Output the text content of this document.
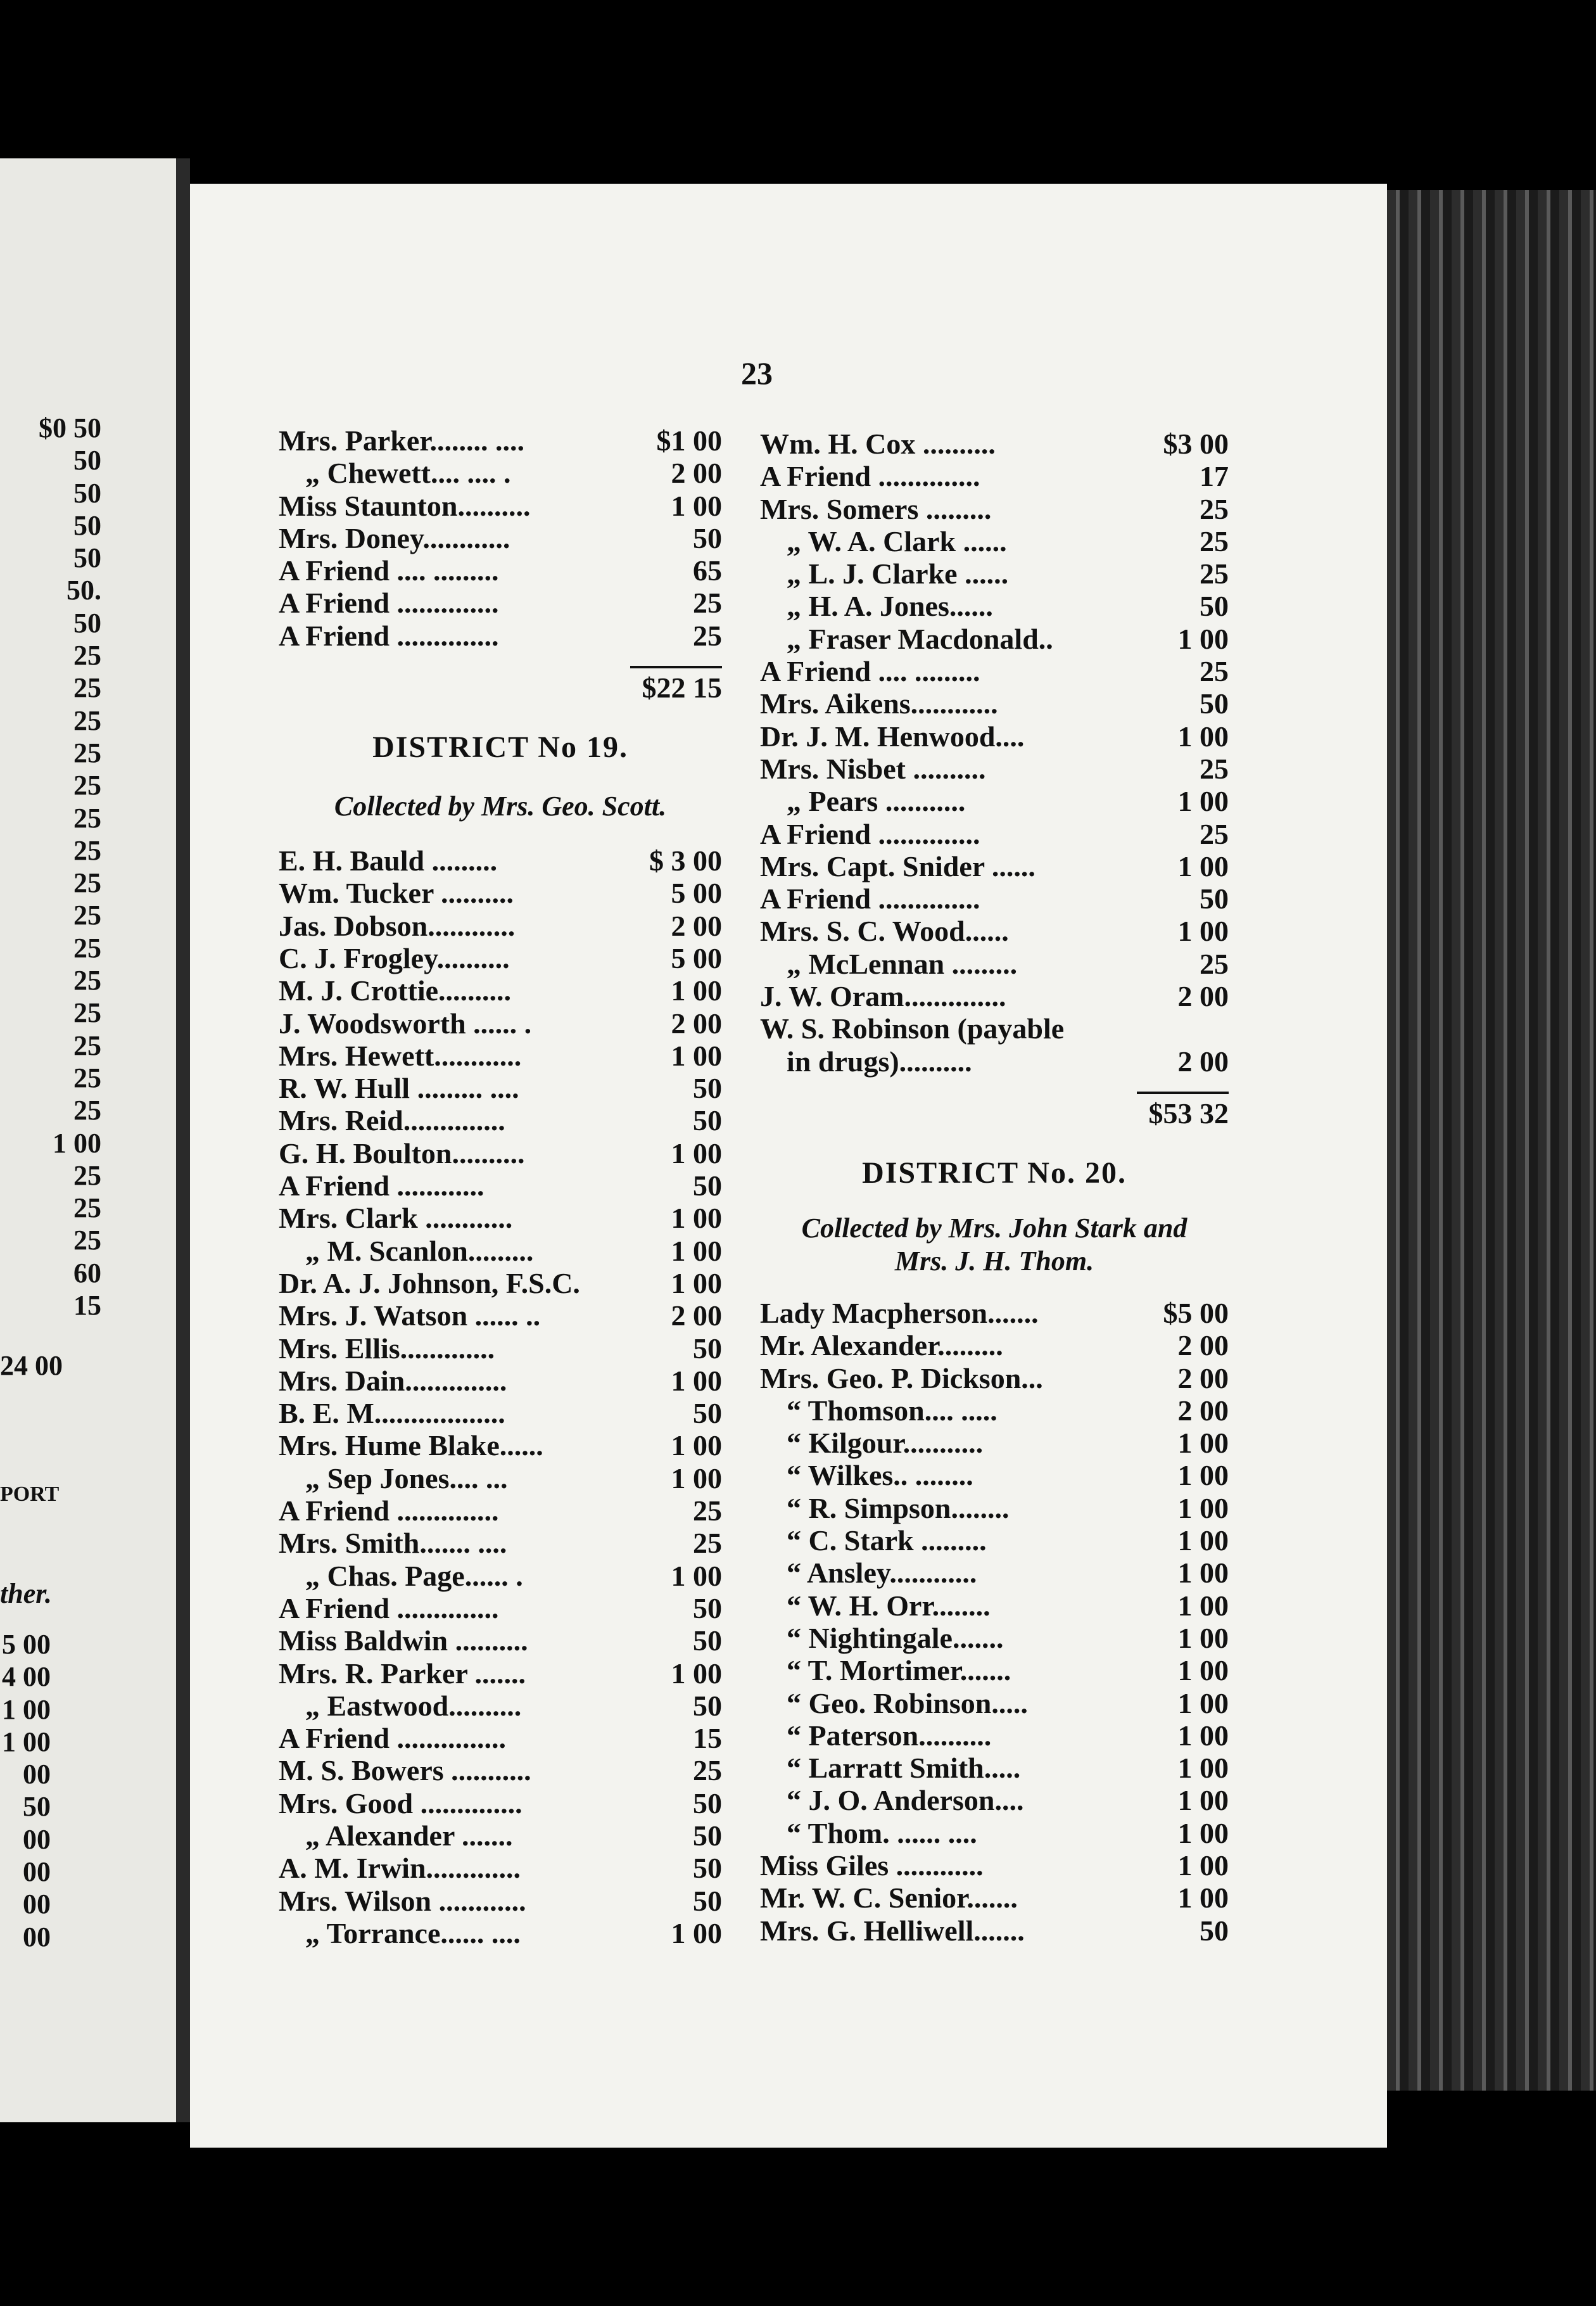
$0 50
50
50
50
50
50.
50
25
25
25
25
25
25
25
25
25
25
25
25
25
25
25
1 00
25
25
25
60
15
24 00
PORT
ther.
5 00
4 00
1 00
1 00
00
50
00
00
00
00
23
Mrs. Parker........ ....	$1 00
„ Chewett.... .... .	2 00
Miss Staunton..........	1 00
Mrs. Doney............	50
A Friend .... .........	65
A Friend ..............	25
A Friend ..............	25
$22 15
DISTRICT No 19.
Collected by Mrs. Geo. Scott.
E. H. Bauld .........	$ 3 00
Wm. Tucker ..........	5 00
Jas. Dobson............	2 00
C. J. Frogley..........	5 00
M. J. Crottie..........	1 00
J. Woodsworth ...... .	2 00
Mrs. Hewett............	1 00
R. W. Hull ......... ....	50
Mrs. Reid..............	50
G. H. Boulton..........	1 00
A Friend ............	50
Mrs. Clark ............	1 00
„ M. Scanlon.........	1 00
Dr. A. J. Johnson, F.S.C.	1 00
Mrs. J. Watson ...... ..	2 00
Mrs. Ellis.............	50
Mrs. Dain..............	1 00
B. E. M..................	50
Mrs. Hume Blake......	1 00
„ Sep Jones.... ...	1 00
A Friend ..............	25
Mrs. Smith....... ....	25
„ Chas. Page...... .	1 00
A Friend ..............	50
Miss Baldwin ..........	50
Mrs. R. Parker .......	1 00
„ Eastwood..........	50
A Friend ...............	15
M. S. Bowers ...........	25
Mrs. Good ..............	50
„ Alexander .......	50
A. M. Irwin.............	50
Mrs. Wilson ............	50
„ Torrance...... ....	1 00
Wm. H. Cox ..........	$3 00
A Friend ..............	17
Mrs. Somers .........	25
„ W. A. Clark ......	25
„ L. J. Clarke ......	25
„ H. A. Jones......	50
„ Fraser Macdonald..	1 00
A Friend .... .........	25
Mrs. Aikens............	50
Dr. J. M. Henwood....	1 00
Mrs. Nisbet ..........	25
„ Pears ...........	1 00
A Friend ..............	25
Mrs. Capt. Snider ......	1 00
A Friend ..............	50
Mrs. S. C. Wood......	1 00
„ McLennan .........	25
J. W. Oram..............	2 00
W. S. Robinson (payable
in drugs)..........	2 00
$53 32
DISTRICT No. 20.
Collected by Mrs. John Stark and
Mrs. J. H. Thom.
Lady Macpherson.......	$5 00
Mr. Alexander.........	2 00
Mrs. Geo. P. Dickson...	2 00
“ Thomson.... .....	2 00
“ Kilgour...........	1 00
“ Wilkes.. ........	1 00
“ R. Simpson........	1 00
“ C. Stark .........	1 00
“ Ansley............	1 00
“ W. H. Orr........	1 00
“ Nightingale.......	1 00
“ T. Mortimer.......	1 00
“ Geo. Robinson.....	1 00
“ Paterson..........	1 00
“ Larratt Smith.....	1 00
“ J. O. Anderson....	1 00
“ Thom. ...... ....	1 00
Miss Giles ............	1 00
Mr. W. C. Senior.......	1 00
Mrs. G. Helliwell.......	50
